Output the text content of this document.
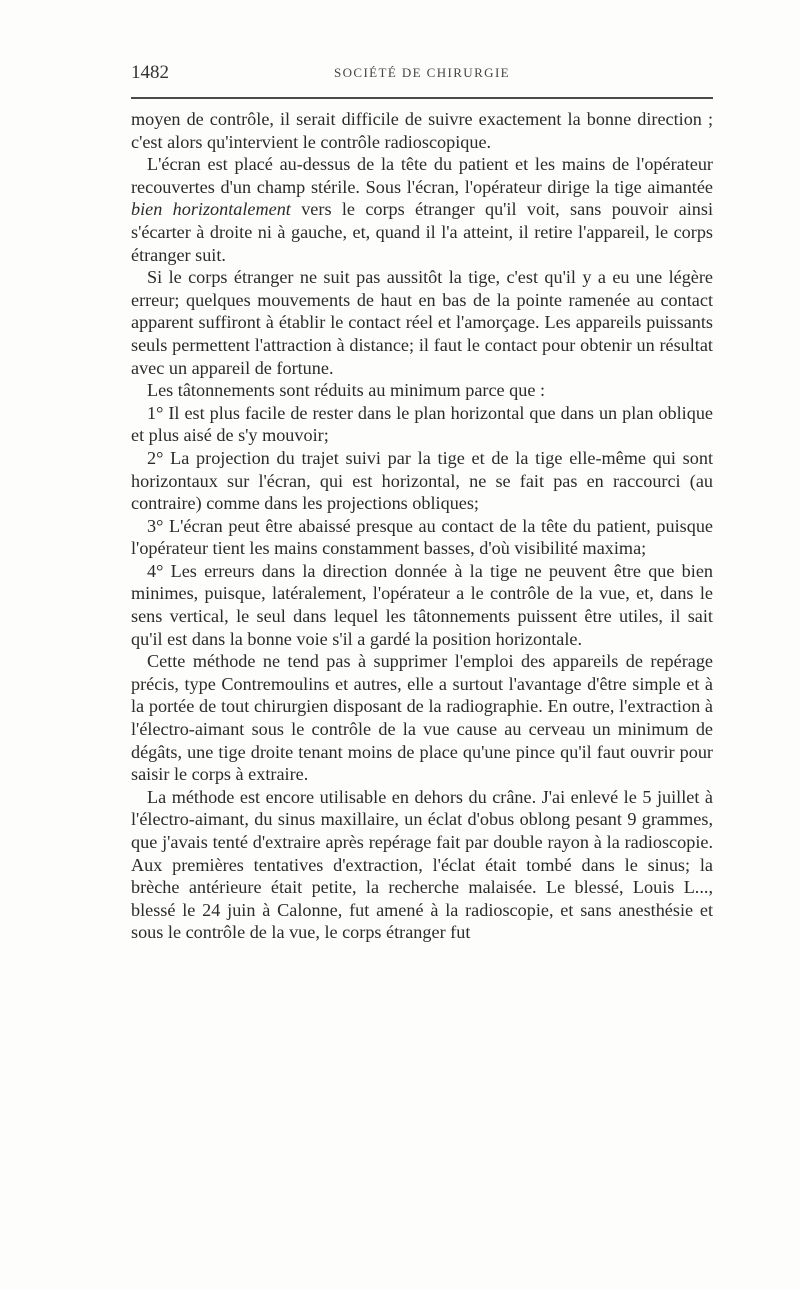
1482	SOCIÉTÉ DE CHIRURGIE

moyen de contrôle, il serait difficile de suivre exactement la bonne direction ; c'est alors qu'intervient le contrôle radioscopique.

L'écran est placé au-dessus de la tête du patient et les mains de l'opérateur recouvertes d'un champ stérile. Sous l'écran, l'opérateur dirige la tige aimantée bien horizontalement vers le corps étranger qu'il voit, sans pouvoir ainsi s'écarter à droite ni à gauche, et, quand il l'a atteint, il retire l'appareil, le corps étranger suit.

Si le corps étranger ne suit pas aussitôt la tige, c'est qu'il y a eu une légère erreur; quelques mouvements de haut en bas de la pointe ramenée au contact apparent suffiront à établir le contact réel et l'amorçage. Les appareils puissants seuls permettent l'attraction à distance; il faut le contact pour obtenir un résultat avec un appareil de fortune.

Les tâtonnements sont réduits au minimum parce que :

1° Il est plus facile de rester dans le plan horizontal que dans un plan oblique et plus aisé de s'y mouvoir;

2° La projection du trajet suivi par la tige et de la tige elle-même qui sont horizontaux sur l'écran, qui est horizontal, ne se fait pas en raccourci (au contraire) comme dans les projections obliques;

3° L'écran peut être abaissé presque au contact de la tête du patient, puisque l'opérateur tient les mains constamment basses, d'où visibilité maxima;

4° Les erreurs dans la direction donnée à la tige ne peuvent être que bien minimes, puisque, latéralement, l'opérateur a le contrôle de la vue, et, dans le sens vertical, le seul dans lequel les tâtonnements puissent être utiles, il sait qu'il est dans la bonne voie s'il a gardé la position horizontale.

Cette méthode ne tend pas à supprimer l'emploi des appareils de repérage précis, type Contremoulins et autres, elle a surtout l'avantage d'être simple et à la portée de tout chirurgien disposant de la radiographie. En outre, l'extraction à l'électro-aimant sous le contrôle de la vue cause au cerveau un minimum de dégâts, une tige droite tenant moins de place qu'une pince qu'il faut ouvrir pour saisir le corps à extraire.

La méthode est encore utilisable en dehors du crâne. J'ai enlevé le 5 juillet à l'électro-aimant, du sinus maxillaire, un éclat d'obus oblong pesant 9 grammes, que j'avais tenté d'extraire après repérage fait par double rayon à la radioscopie. Aux premières tentatives d'extraction, l'éclat était tombé dans le sinus; la brèche antérieure était petite, la recherche malaisée. Le blessé, Louis L..., blessé le 24 juin à Calonne, fut amené à la radioscopie, et sans anesthésie et sous le contrôle de la vue, le corps étranger fut
